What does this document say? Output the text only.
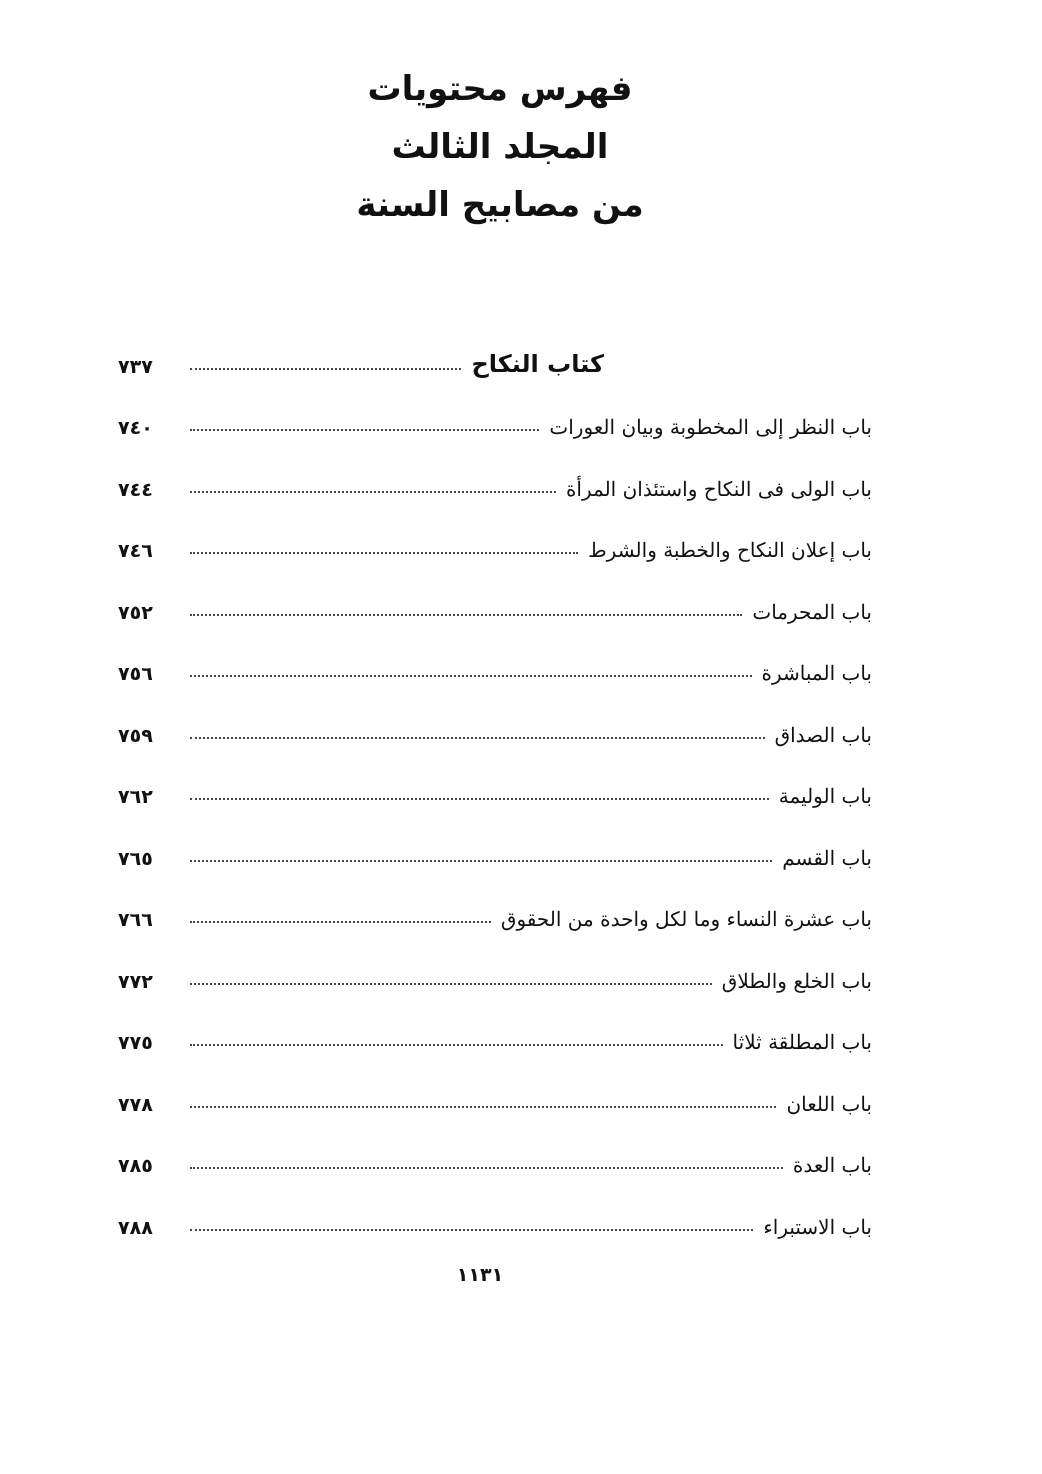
فهرس محتويات
المجلد الثالث
من مصابيح السنة
كتاب النكاح
٧٣٧
باب النظر إلى المخطوبة وبيان العورات
٧٤٠
باب الولى فى النكاح واستئذان المرأة
٧٤٤
باب إعلان النكاح والخطبة والشرط
٧٤٦
باب المحرمات
٧٥٢
باب المباشرة
٧٥٦
باب الصداق
٧٥٩
باب الوليمة
٧٦٢
باب القسم
٧٦٥
باب عشرة النساء وما لكل واحدة من الحقوق
٧٦٦
باب الخلع والطلاق
٧٧٢
باب المطلقة ثلاثا
٧٧٥
باب اللعان
٧٧٨
باب العدة
٧٨٥
باب الاستبراء
٧٨٨
١١٣١
